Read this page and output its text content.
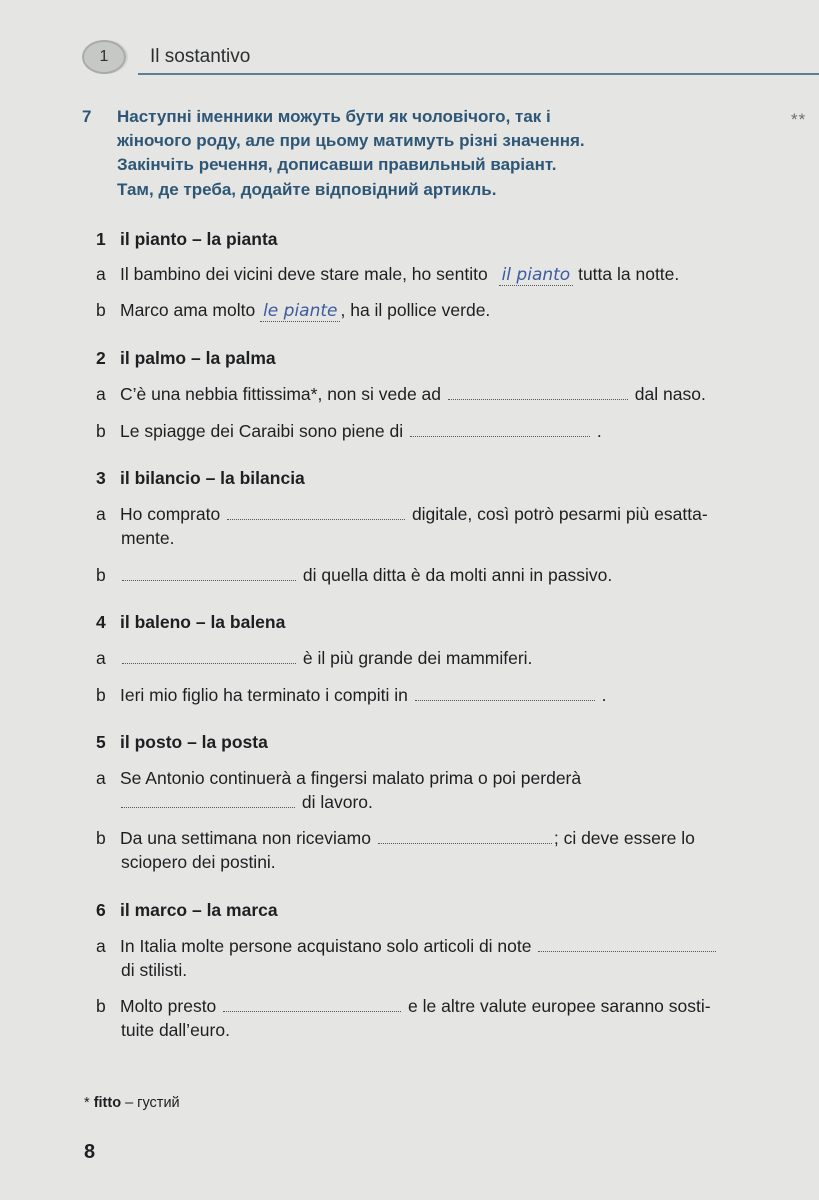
1	Il sostantivo
7	**
Наступні іменники можуть бути як чоловічого, так і
жіночого роду, але при цьому матимуть різні значення.
Закінчіть речення, дописавши правильный варіант.
Там, де треба, додайте відповідний артикль.
1 il pianto – la pianta
a Il bambino dei vicini deve stare male, ho sentito il pianto tutta la notte.
b Marco ama molto le piante , ha il pollice verde.
2 il palmo – la palma
a C’è una nebbia fittissima*, non si vede ad	dal naso.
b Le spiagge dei Caraibi sono piene di	.
3 il bilancio – la bilancia
a Ho comprato	digitale, così potrò pesarmi più esatta-
mente.
b	di quella ditta è da molti anni in passivo.
4 il baleno – la balena
a	è il più grande dei mammiferi.
b Ieri mio figlio ha terminato i compiti in	.
5 il posto – la posta
a Se Antonio continuerà a fingersi malato prima o poi perderà
di lavoro.
b Da una settimana non riceviamo	; ci deve essere lo
sciopero dei postini.
6 il marco – la marca
a In Italia molte persone acquistano solo articoli di note
di stilisti.
b Molto presto	e le altre valute europee saranno sosti-
tuite dall’euro.
* fitto – густий
8
